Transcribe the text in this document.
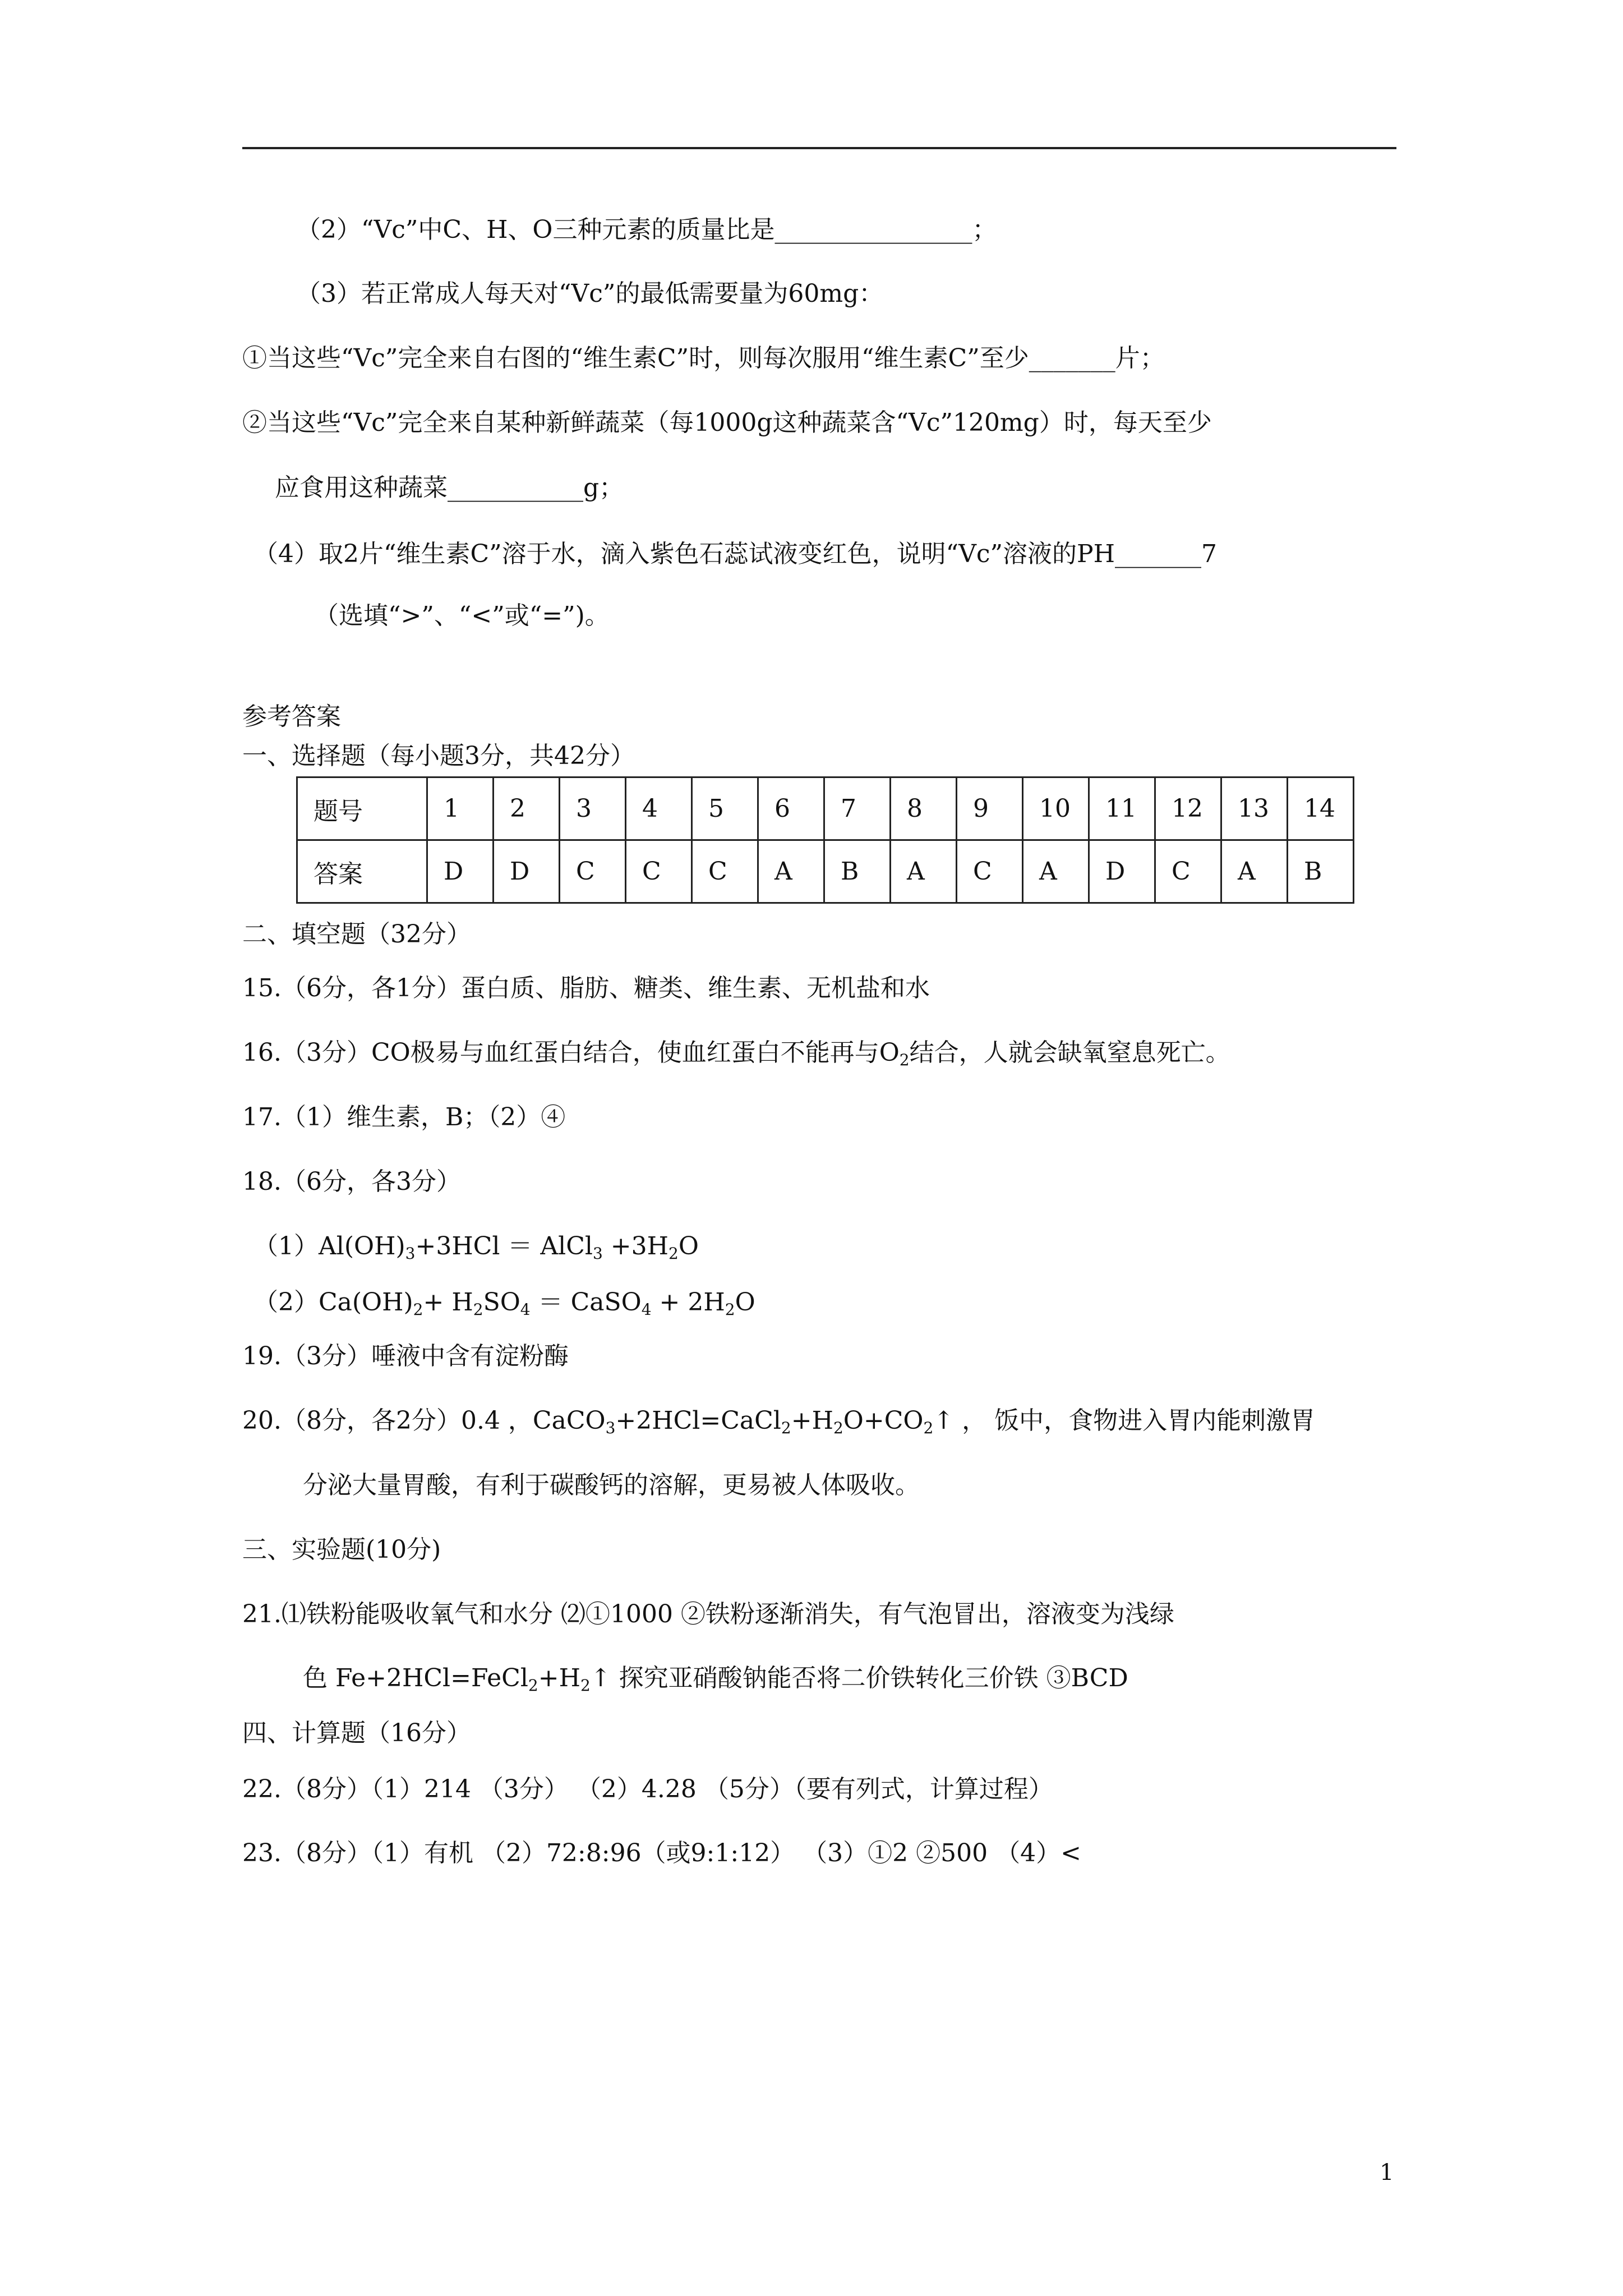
（2）“Vc”中C、H、O三种元素的质量比是________________；
（3）若正常成人每天对“Vc”的最低需要量为60mg：
①当这些“Vc”完全来自右图的“维生素C”时，则每次服用“维生素C”至少_______片；
②当这些“Vc”完全来自某种新鲜蔬菜（每1000g这种蔬菜含“Vc”120mg）时，每天至少
应食用这种蔬菜___________g；
（4）取2片“维生素C”溶于水，滴入紫色石蕊试液变红色，说明“Vc”溶液的PH_______7
（选填“>”、“<”或“=”)。
参考答案
一、选择题（每小题3分，共42分）
题号	1	2	3	4	5	6	7	8	9	10	11	12	13	14
答案	D	D	C	C	C	A	B	A	C	A	D	C	A	B
二、填空题（32分）
15.（6分，各1分）蛋白质、脂肪、糖类、维生素、无机盐和水
16.（3分）CO极易与血红蛋白结合，使血红蛋白不能再与$O_2$结合，人就会缺氧窒息死亡。
17.（1）维生素，B；（2）④
18.（6分，各3分）
$(1)Al(OH)_3+3HCl$ ＝ AlCl$_3$ $+3H_2O$
$(2)Ca(OH)_2+ H_2SO_4$ ＝ CaSO$_4$ + $2H_2O$
19.（3分）唾液中含有淀粉酶
20.（8分，各2分）0.4 ，$CaCO_3+2HCl=CaCl_2+H_2O+CO_2↑$ ， 饭中，食物进入胃内能刺激胃
分泌大量胃酸，有利于碳酸钙的溶解，更易被人体吸收。
三、实验题(10分)
21.⑴铁粉能吸收氧气和水分 ⑵①1000 ②铁粉逐渐消失，有气泡冒出，溶液变为浅绿
色 $Fe+2HCl=FeCl_2+H_2↑$ 探究亚硝酸钠能否将二价铁转化三价铁 ③BCD
四、计算题（16分）
22.（8分）（1）214 （3分） （2）4.28 （5分）（要有列式，计算过程）
23.（8分）（1）有机 （2）72:8:96（或9:1:12） （3）①2 ②500 （4）<
1
